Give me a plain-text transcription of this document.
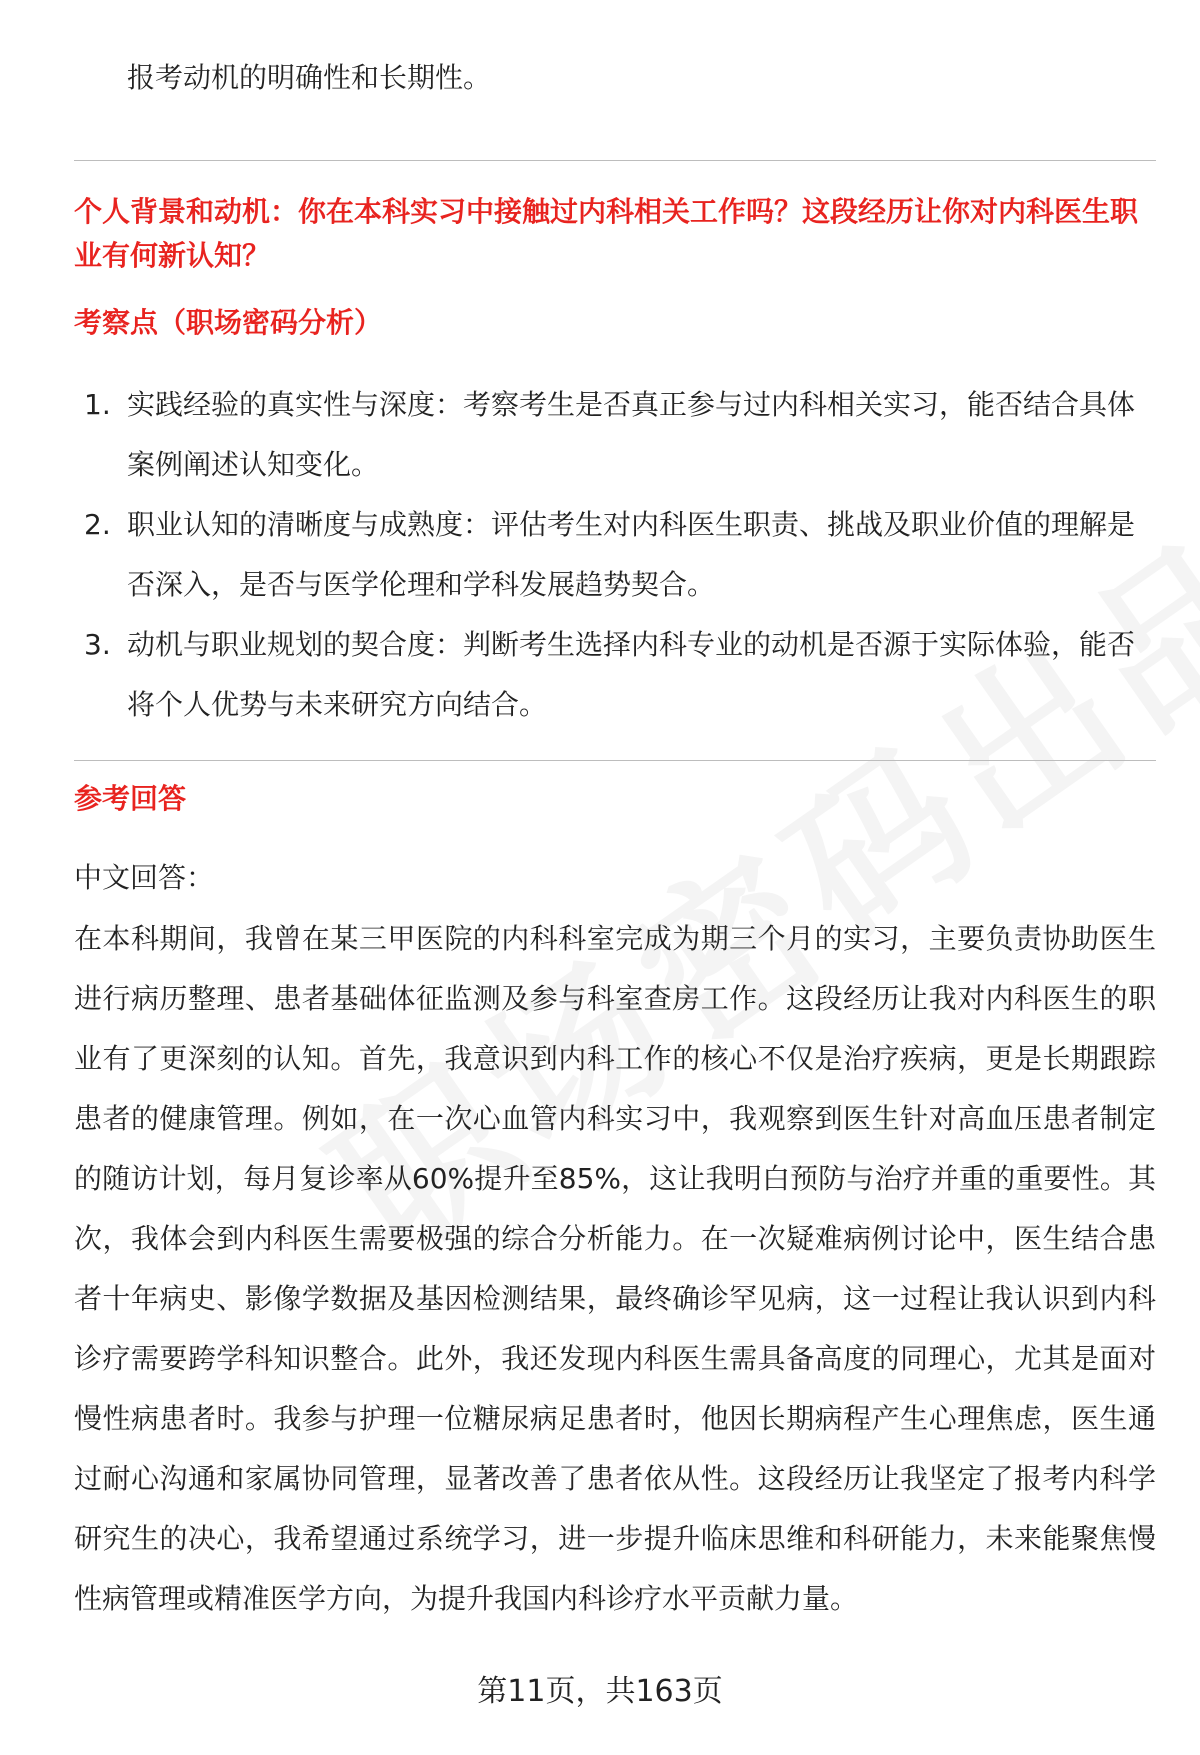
报考动机的明确性和长期性。
个人背景和动机：你在本科实习中接触过内科相关工作吗？这段经历让你对内科医生职业有何新认知？
考察点（职场密码分析）
1. 实践经验的真实性与深度：考察考生是否真正参与过内科相关实习，能否结合具体案例阐述认知变化。
2. 职业认知的清晰度与成熟度：评估考生对内科医生职责、挑战及职业价值的理解是否深入，是否与医学伦理和学科发展趋势契合。
3. 动机与职业规划的契合度：判断考生选择内科专业的动机是否源于实际体验，能否将个人优势与未来研究方向结合。
参考回答
中文回答：
在本科期间，我曾在某三甲医院的内科科室完成为期三个月的实习，主要负责协助医生进行病历整理、患者基础体征监测及参与科室查房工作。这段经历让我对内科医生的职业有了更深刻的认知。首先，我意识到内科工作的核心不仅是治疗疾病，更是长期跟踪患者的健康管理。例如，在一次心血管内科实习中，我观察到医生针对高血压患者制定的随访计划，每月复诊率从60%提升至85%，这让我明白预防与治疗并重的重要性。其次，我体会到内科医生需要极强的综合分析能力。在一次疑难病例讨论中，医生结合患者十年病史、影像学数据及基因检测结果，最终确诊罕见病，这一过程让我认识到内科诊疗需要跨学科知识整合。此外，我还发现内科医生需具备高度的同理心，尤其是面对慢性病患者时。我参与护理一位糖尿病足患者时，他因长期病程产生心理焦虑，医生通过耐心沟通和家属协同管理，显著改善了患者依从性。这段经历让我坚定了报考内科学研究生的决心，我希望通过系统学习，进一步提升临床思维和科研能力，未来能聚焦慢性病管理或精准医学方向，为提升我国内科诊疗水平贡献力量。
第11页，共163页
